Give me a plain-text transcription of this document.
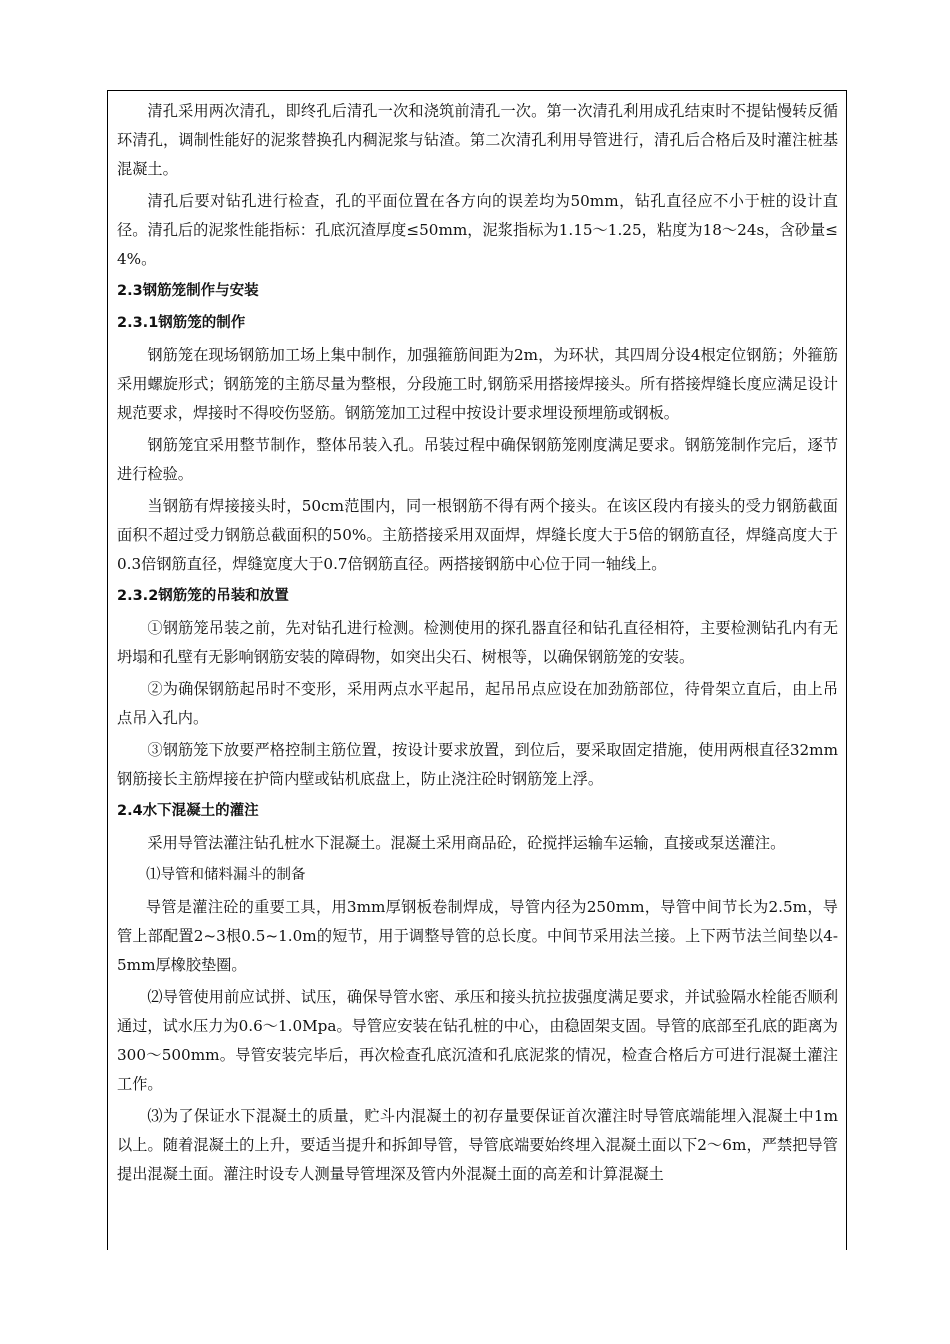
清孔采用两次清孔，即终孔后清孔一次和浇筑前清孔一次。第一次清孔利用成孔结束时不提钻慢转反循环清孔，调制性能好的泥浆替换孔内稠泥浆与钻渣。第二次清孔利用导管进行，清孔后合格后及时灌注桩基混凝土。
清孔后要对钻孔进行检查，孔的平面位置在各方向的误差均为50mm，钻孔直径应不小于桩的设计直径。清孔后的泥浆性能指标：孔底沉渣厚度≤50mm，泥浆指标为1.15～1.25，粘度为18～24s，含砂量≤4%。
2.3钢筋笼制作与安装
2.3.1钢筋笼的制作
钢筋笼在现场钢筋加工场上集中制作，加强箍筋间距为2m，为环状，其四周分设4根定位钢筋；外箍筋采用螺旋形式；钢筋笼的主筋尽量为整根，分段施工时,钢筋采用搭接焊接头。所有搭接焊缝长度应满足设计规范要求，焊接时不得咬伤竖筋。钢筋笼加工过程中按设计要求埋设预埋筋或钢板。
钢筋笼宜采用整节制作，整体吊装入孔。吊装过程中确保钢筋笼刚度满足要求。钢筋笼制作完后，逐节进行检验。
当钢筋有焊接接头时，50cm范围内，同一根钢筋不得有两个接头。在该区段内有接头的受力钢筋截面面积不超过受力钢筋总截面积的50%。主筋搭接采用双面焊，焊缝长度大于5倍的钢筋直径，焊缝高度大于0.3倍钢筋直径，焊缝宽度大于0.7倍钢筋直径。两搭接钢筋中心位于同一轴线上。
2.3.2钢筋笼的吊装和放置
①钢筋笼吊装之前，先对钻孔进行检测。检测使用的探孔器直径和钻孔直径相符，主要检测钻孔内有无坍塌和孔壁有无影响钢筋安装的障碍物，如突出尖石、树根等，以确保钢筋笼的安装。
②为确保钢筋起吊时不变形，采用两点水平起吊，起吊吊点应设在加劲筋部位，待骨架立直后，由上吊点吊入孔内。
③钢筋笼下放要严格控制主筋位置，按设计要求放置，到位后，要采取固定措施，使用两根直径32mm钢筋接长主筋焊接在护筒内壁或钻机底盘上，防止浇注砼时钢筋笼上浮。
2.4水下混凝土的灌注
采用导管法灌注钻孔桩水下混凝土。混凝土采用商品砼，砼搅拌运输车运输，直接或泵送灌注。
⑴导管和储料漏斗的制备
导管是灌注砼的重要工具，用3mm厚钢板卷制焊成，导管内径为250mm，导管中间节长为2.5m，导管上部配置2~3根0.5~1.0m的短节，用于调整导管的总长度。中间节采用法兰接。上下两节法兰间垫以4-5mm厚橡胶垫圈。
⑵导管使用前应试拼、试压，确保导管水密、承压和接头抗拉拔强度满足要求，并试验隔水栓能否顺利通过，试水压力为0.6～1.0Mpa。导管应安装在钻孔桩的中心，由稳固架支固。导管的底部至孔底的距离为300～500mm。导管安装完毕后，再次检查孔底沉渣和孔底泥浆的情况，检查合格后方可进行混凝土灌注工作。
⑶为了保证水下混凝土的质量，贮斗内混凝土的初存量要保证首次灌注时导管底端能埋入混凝土中1m以上。随着混凝土的上升，要适当提升和拆卸导管，导管底端要始终埋入混凝土面以下2～6m，严禁把导管提出混凝土面。灌注时设专人测量导管埋深及管内外混凝土面的高差和计算混凝土
